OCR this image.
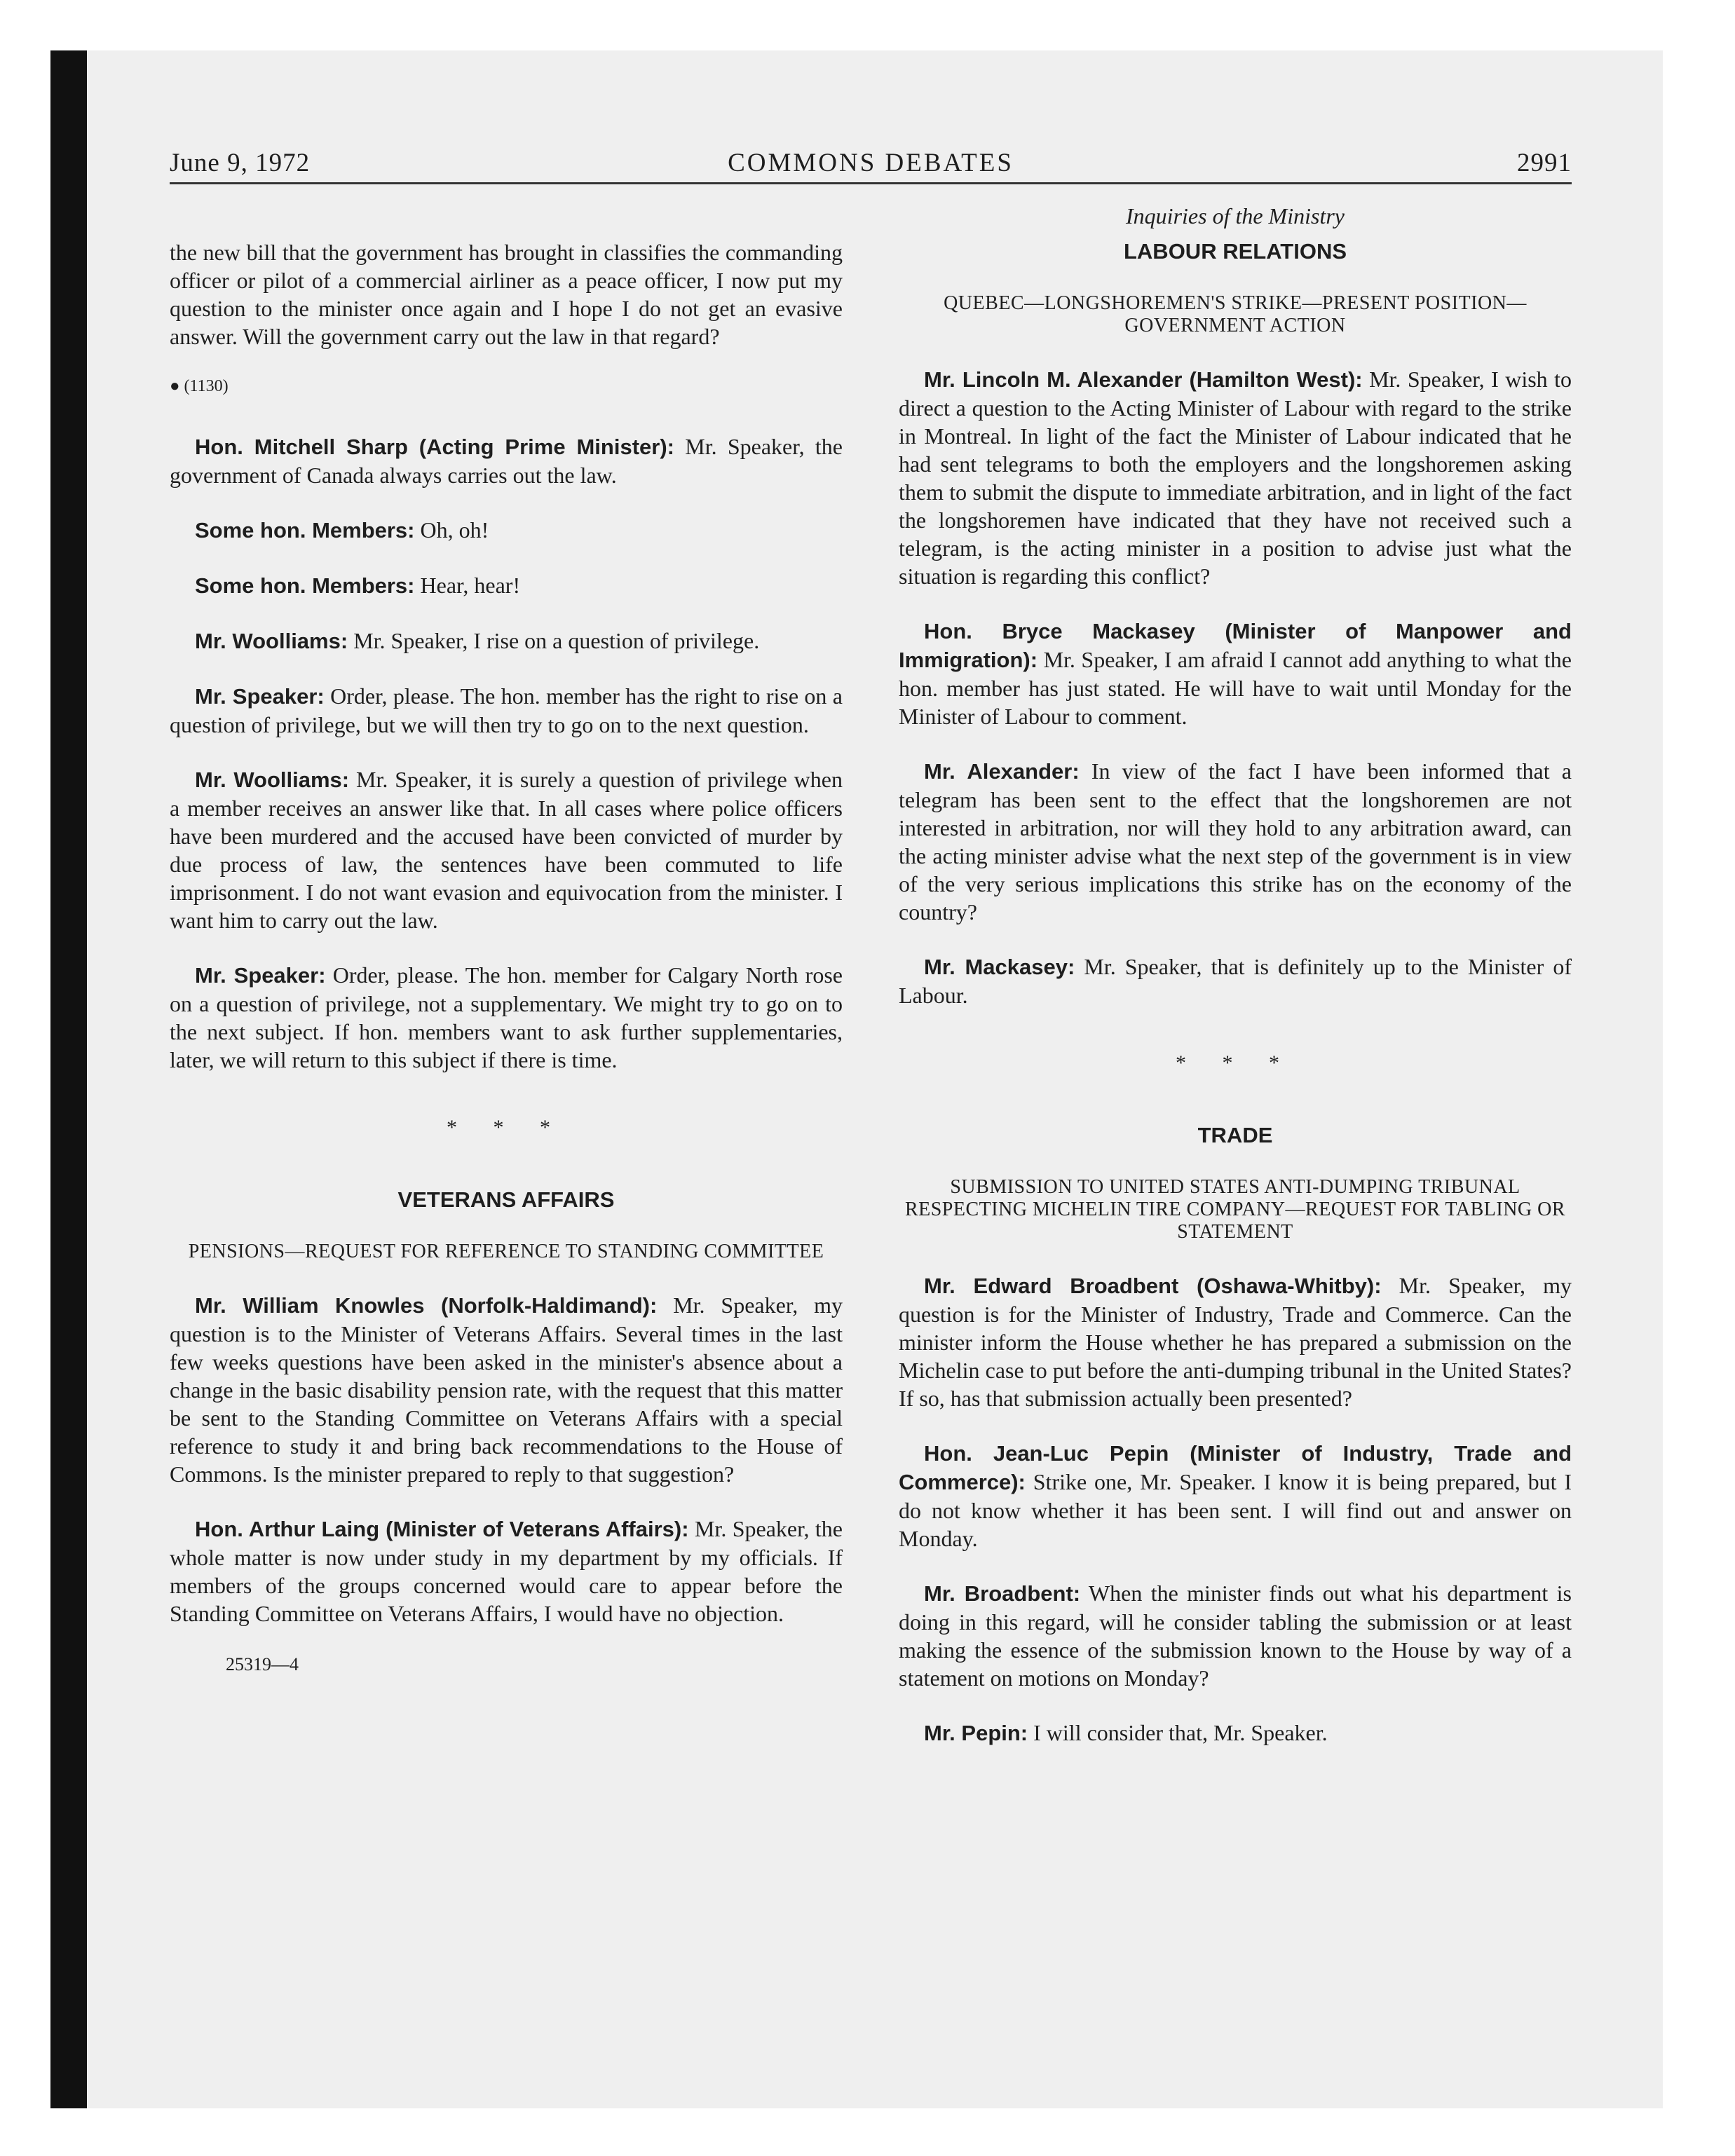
June 9, 1972	COMMONS DEBATES	2991

the new bill that the government has brought in classifies the commanding officer or pilot of a commercial airliner as a peace officer, I now put my question to the minister once again and I hope I do not get an evasive answer. Will the government carry out the law in that regard?

● (1130)

Hon. Mitchell Sharp (Acting Prime Minister): Mr. Speaker, the government of Canada always carries out the law.

Some hon. Members: Oh, oh!

Some hon. Members: Hear, hear!

Mr. Woolliams: Mr. Speaker, I rise on a question of privilege.

Mr. Speaker: Order, please. The hon. member has the right to rise on a question of privilege, but we will then try to go on to the next question.

Mr. Woolliams: Mr. Speaker, it is surely a question of privilege when a member receives an answer like that. In all cases where police officers have been murdered and the accused have been convicted of murder by due process of law, the sentences have been commuted to life imprisonment. I do not want evasion and equivocation from the minister. I want him to carry out the law.

Mr. Speaker: Order, please. The hon. member for Calgary North rose on a question of privilege, not a supplementary. We might try to go on to the next subject. If hon. members want to ask further supplementaries, later, we will return to this subject if there is time.

* * *
VETERANS AFFAIRS
PENSIONS—REQUEST FOR REFERENCE TO STANDING COMMITTEE

Mr. William Knowles (Norfolk-Haldimand): Mr. Speaker, my question is to the Minister of Veterans Affairs. Several times in the last few weeks questions have been asked in the minister's absence about a change in the basic disability pension rate, with the request that this matter be sent to the Standing Committee on Veterans Affairs with a special reference to study it and bring back recommendations to the House of Commons. Is the minister prepared to reply to that suggestion?

Hon. Arthur Laing (Minister of Veterans Affairs): Mr. Speaker, the whole matter is now under study in my department by my officials. If members of the groups concerned would care to appear before the Standing Committee on Veterans Affairs, I would have no objection.

25319—4
Inquiries of the Ministry
LABOUR RELATIONS
QUEBEC—LONGSHOREMEN'S STRIKE—PRESENT POSITION—GOVERNMENT ACTION

Mr. Lincoln M. Alexander (Hamilton West): Mr. Speaker, I wish to direct a question to the Acting Minister of Labour with regard to the strike in Montreal. In light of the fact the Minister of Labour indicated that he had sent telegrams to both the employers and the longshoremen asking them to submit the dispute to immediate arbitration, and in light of the fact the longshoremen have indicated that they have not received such a telegram, is the acting minister in a position to advise just what the situation is regarding this conflict?

Hon. Bryce Mackasey (Minister of Manpower and Immigration): Mr. Speaker, I am afraid I cannot add anything to what the hon. member has just stated. He will have to wait until Monday for the Minister of Labour to comment.

Mr. Alexander: In view of the fact I have been informed that a telegram has been sent to the effect that the longshoremen are not interested in arbitration, nor will they hold to any arbitration award, can the acting minister advise what the next step of the government is in view of the very serious implications this strike has on the economy of the country?

Mr. Mackasey: Mr. Speaker, that is definitely up to the Minister of Labour.

* * *
TRADE
SUBMISSION TO UNITED STATES ANTI-DUMPING TRIBUNAL RESPECTING MICHELIN TIRE COMPANY—REQUEST FOR TABLING OR STATEMENT

Mr. Edward Broadbent (Oshawa-Whitby): Mr. Speaker, my question is for the Minister of Industry, Trade and Commerce. Can the minister inform the House whether he has prepared a submission on the Michelin case to put before the anti-dumping tribunal in the United States? If so, has that submission actually been presented?

Hon. Jean-Luc Pepin (Minister of Industry, Trade and Commerce): Strike one, Mr. Speaker. I know it is being prepared, but I do not know whether it has been sent. I will find out and answer on Monday.

Mr. Broadbent: When the minister finds out what his department is doing in this regard, will he consider tabling the submission or at least making the essence of the submission known to the House by way of a statement on motions on Monday?

Mr. Pepin: I will consider that, Mr. Speaker.
